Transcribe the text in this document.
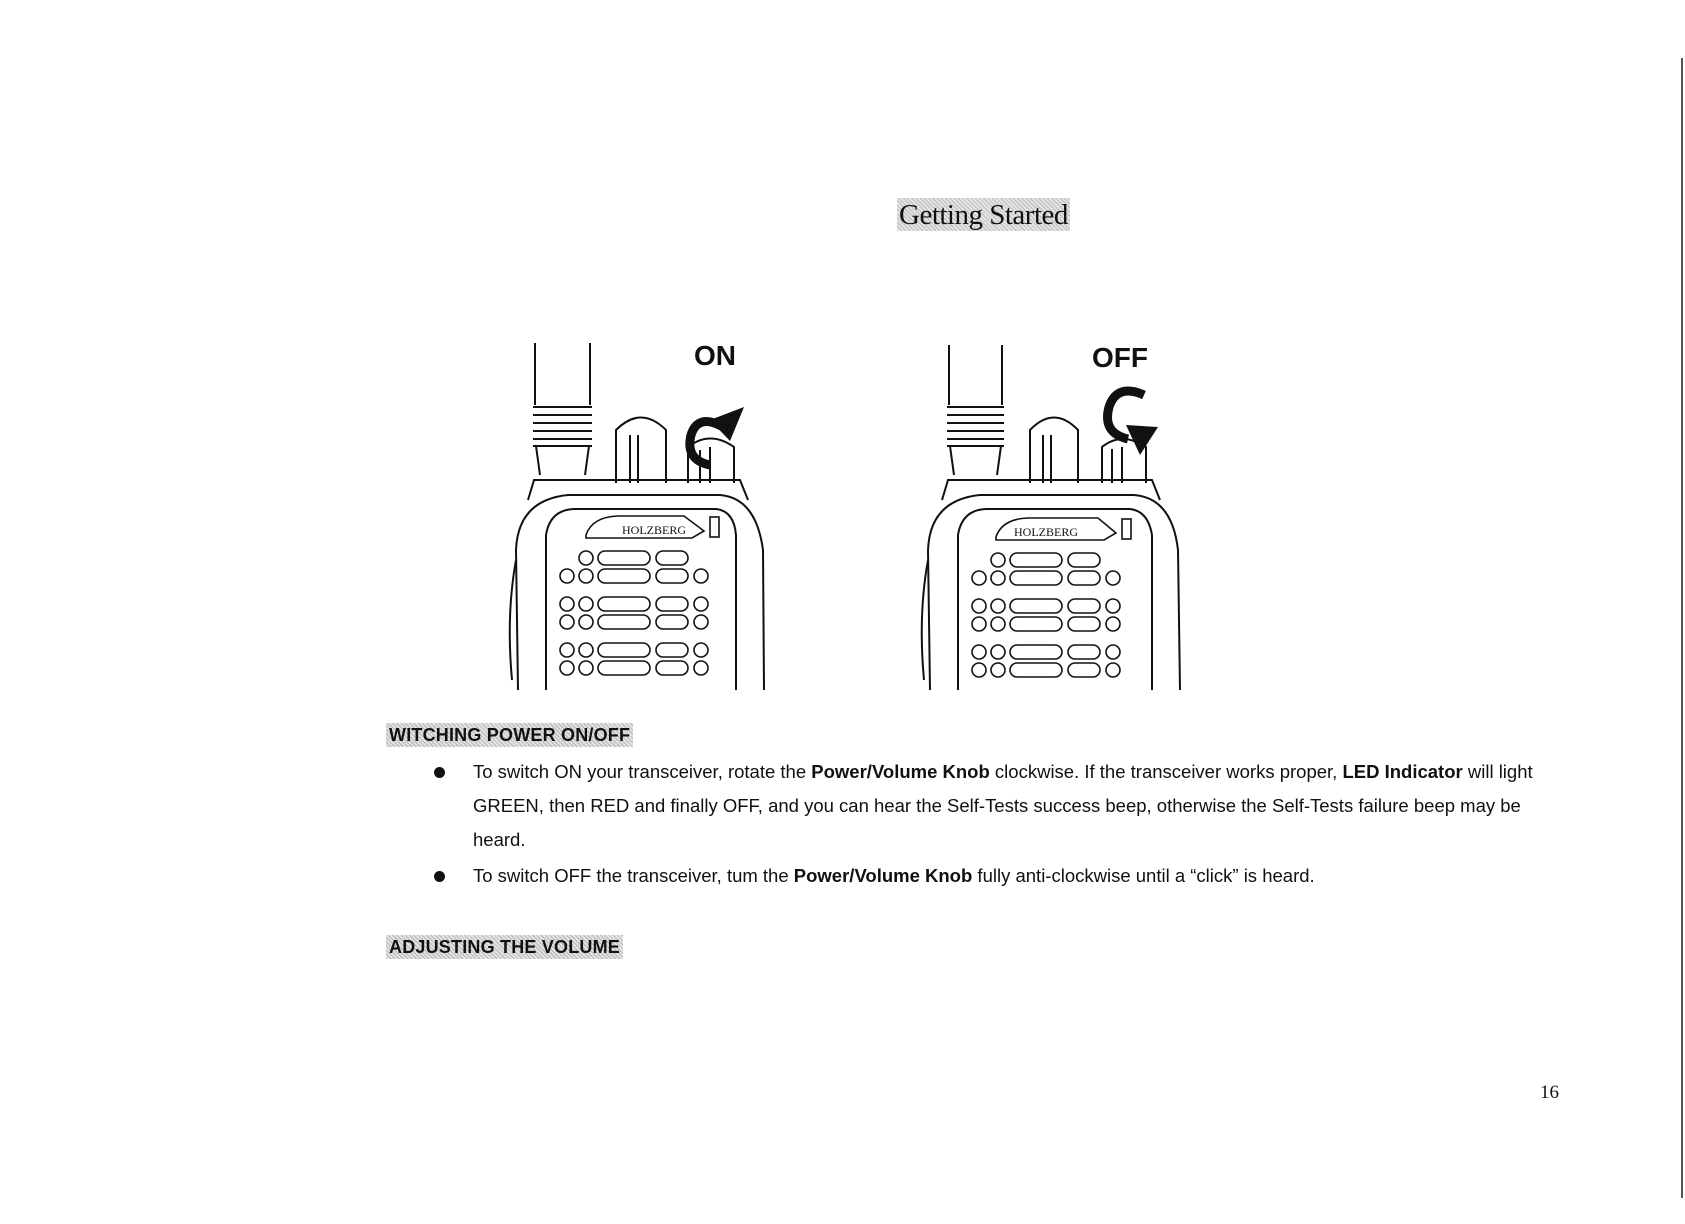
Getting Started
HOLZBERG
ON
HOLZBERG
OFF
WITCHING POWER ON/OFF
To switch ON your transceiver, rotate the Power/Volume Knob clockwise. If the transceiver works proper, LED Indicator will light GREEN, then RED and finally OFF, and you can hear the Self-Tests success beep, otherwise the Self-Tests failure beep may be heard.
To switch OFF the transceiver, tum the Power/Volume Knob fully anti-clockwise until a “click” is heard.
ADJUSTING THE VOLUME
16
